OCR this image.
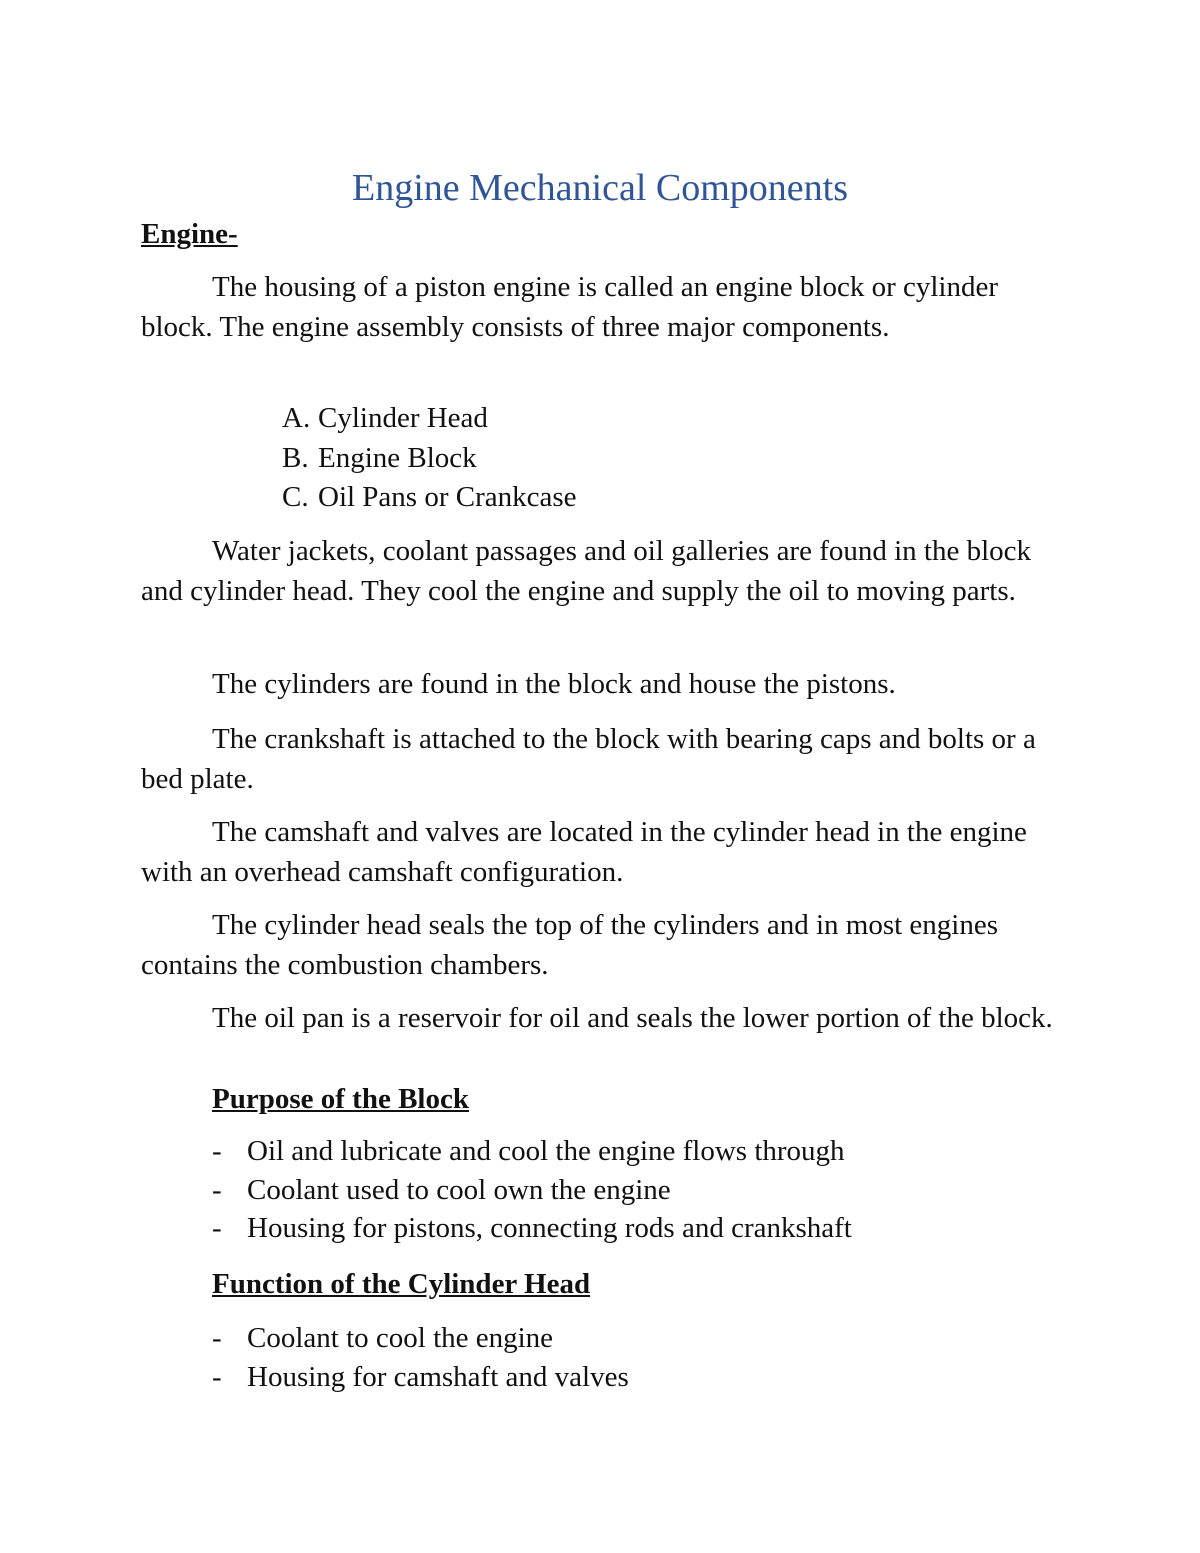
Engine Mechanical Components
Engine-

The housing of a piston engine is called an engine block or cylinder block. The engine assembly consists of three major components.

A. Cylinder Head
B. Engine Block
C. Oil Pans or Crankcase

Water jackets, coolant passages and oil galleries are found in the block and cylinder head. They cool the engine and supply the oil to moving parts.

The cylinders are found in the block and house the pistons.

The crankshaft is attached to the block with bearing caps and bolts or a bed plate.

The camshaft and valves are located in the cylinder head in the engine with an overhead camshaft configuration.

The cylinder head seals the top of the cylinders and in most engines contains the combustion chambers.

The oil pan is a reservoir for oil and seals the lower portion of the block.

Purpose of the Block
- Oil and lubricate and cool the engine flows through
- Coolant used to cool own the engine
- Housing for pistons, connecting rods and crankshaft
Function of the Cylinder Head
- Coolant to cool the engine
- Housing for camshaft and valves
